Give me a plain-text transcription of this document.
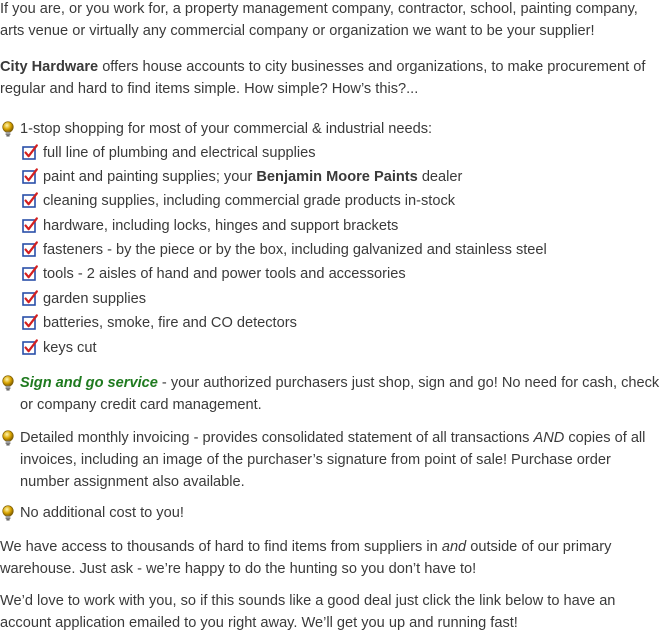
If you are, or you work for, a property management company, contractor, school, painting company, arts venue or virtually any commercial company or organization we want to be your supplier!

City Hardware offers house accounts to city businesses and organizations, to make procurement of regular and hard to find items simple. How simple? How’s this?...

1-stop shopping for most of your commercial & industrial needs:
full line of plumbing and electrical supplies
paint and painting supplies; your Benjamin Moore Paints dealer
cleaning supplies, including commercial grade products in-stock
hardware, including locks, hinges and support brackets
fasteners - by the piece or by the box, including galvanized and stainless steel
tools - 2 aisles of hand and power tools and accessories
garden supplies
batteries, smoke, fire and CO detectors
keys cut
Sign and go service - your authorized purchasers just shop, sign and go! No need for cash, check or company credit card management.
Detailed monthly invoicing - provides consolidated statement of all transactions AND copies of all invoices, including an image of the purchaser’s signature from point of sale! Purchase order number assignment also available.
No additional cost to you!

We have access to thousands of hard to find items from suppliers in and outside of our primary warehouse. Just ask - we’re happy to do the hunting so you don’t have to!

We’d love to work with you, so if this sounds like a good deal just click the link below to have an account application emailed to you right away. We’ll get you up and running fast!
